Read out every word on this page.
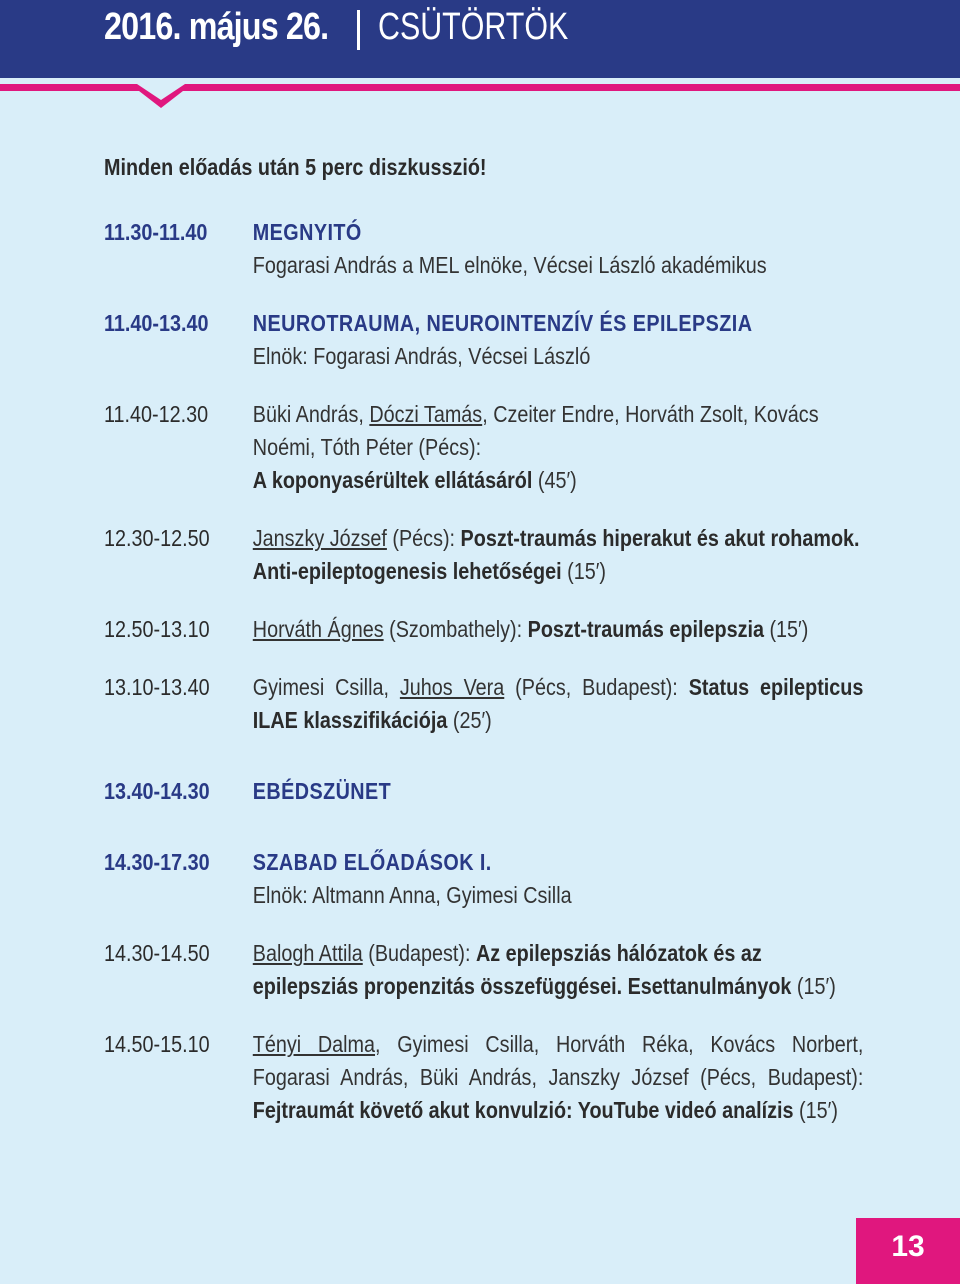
2016. május 26. CSÜTÖRTÖK
Minden előadás után 5 perc diszkusszió!
11.30-11.40	MEGNYITÓ
Fogarasi András a MEL elnöke, Vécsei László akadémikus
11.40-13.40	NEUROTRAUMA, NEUROINTENZÍV ÉS EPILEPSZIA
Elnök: Fogarasi András, Vécsei László
11.40-12.30	Büki András, Dóczi Tamás, Czeiter Endre, Horváth Zsolt, Kovács Noémi, Tóth Péter (Pécs):
A koponyasérültek ellátásáról (45′)
12.30-12.50	Janszky József (Pécs): Poszt-traumás hiperakut és akut rohamok. Anti-epileptogenesis lehetőségei (15′)
12.50-13.10	Horváth Ágnes (Szombathely): Poszt-traumás epilepszia (15′)
13.10-13.40	Gyimesi Csilla, Juhos Vera (Pécs, Budapest): Status epilepticus ILAE klasszifikációja (25′)
13.40-14.30	EBÉDSZÜNET
14.30-17.30	SZABAD ELŐADÁSOK I.
Elnök: Altmann Anna, Gyimesi Csilla
14.30-14.50	Balogh Attila (Budapest): Az epilepsziás hálózatok és az epilepsziás propenzitás összefüggései. Esettanulmányok (15′)
14.50-15.10	Tényi Dalma, Gyimesi Csilla, Horváth Réka, Kovács Norbert, Fogarasi András, Büki András, Janszky József (Pécs, Budapest): Fejtraumát követő akut konvulzió: YouTube videó analízis (15′)
13
